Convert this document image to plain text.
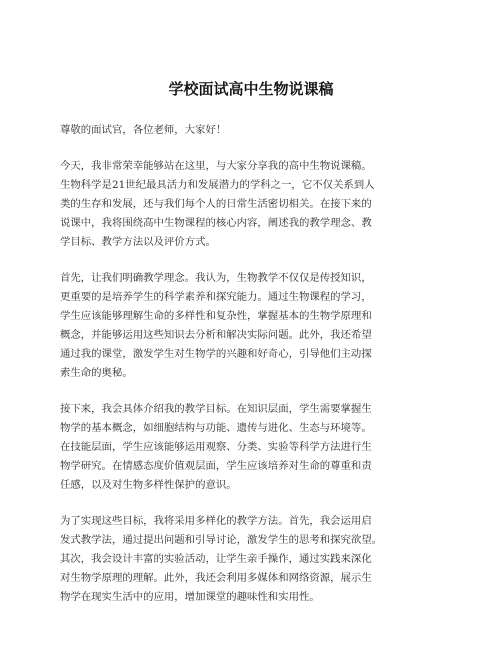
学校面试高中生物说课稿

尊敬的面试官，各位老师，大家好！

今天，我非常荣幸能够站在这里，与大家分享我的高中生物说课稿。
生物科学是21世纪最具活力和发展潜力的学科之一，它不仅关系到人
类的生存和发展，还与我们每个人的日常生活密切相关。在接下来的
说课中，我将围绕高中生物课程的核心内容，阐述我的教学理念、教
学目标、教学方法以及评价方式。

首先，让我们明确教学理念。我认为，生物教学不仅仅是传授知识，
更重要的是培养学生的科学素养和探究能力。通过生物课程的学习，
学生应该能够理解生命的多样性和复杂性，掌握基本的生物学原理和
概念，并能够运用这些知识去分析和解决实际问题。此外，我还希望
通过我的课堂，激发学生对生物学的兴趣和好奇心，引导他们主动探
索生命的奥秘。

接下来，我会具体介绍我的教学目标。在知识层面，学生需要掌握生
物学的基本概念，如细胞结构与功能、遗传与进化、生态与环境等。
在技能层面，学生应该能够运用观察、分类、实验等科学方法进行生
物学研究。在情感态度价值观层面，学生应该培养对生命的尊重和责
任感，以及对生物多样性保护的意识。

为了实现这些目标，我将采用多样化的教学方法。首先，我会运用启
发式教学法，通过提出问题和引导讨论，激发学生的思考和探究欲望。
其次，我会设计丰富的实验活动，让学生亲手操作，通过实践来深化
对生物学原理的理解。此外，我还会利用多媒体和网络资源，展示生
物学在现实生活中的应用，增加课堂的趣味性和实用性。
